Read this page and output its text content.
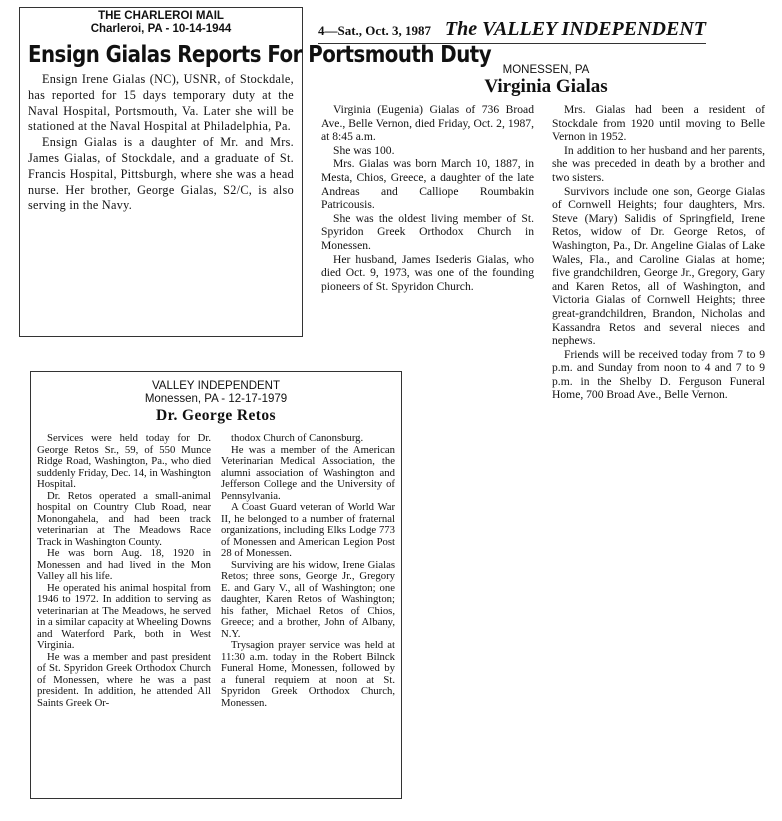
THE CHARLEROI MAIL
Charleroi, PA - 10-14-1944
Ensign Gialas Reports For Portsmouth Duty

Ensign Irene Gialas (NC), USNR, of Stockdale, has reported for 15 days temporary duty at the Naval Hospital, Portsmouth, Va. Later she will be stationed at the Naval Hospital at Philadelphia, Pa.

Ensign Gialas is a daughter of Mr. and Mrs. James Gialas, of Stockdale, and a graduate of St. Francis Hospital, Pittsburgh, where she was a head nurse. Her brother, George Gialas, S2/C, is also serving in the Navy.

4—Sat., Oct. 3, 1987 The VALLEY INDEPENDENT
MONESSEN, PA
Virginia Gialas

Virginia (Eugenia) Gialas of 736 Broad Ave., Belle Vernon, died Friday, Oct. 2, 1987, at 8:45 a.m.

She was 100.

Mrs. Gialas was born March 10, 1887, in Mesta, Chios, Greece, a daughter of the late Andreas and Calliope Roumbakin Patricousis.

She was the oldest living member of St. Spyridon Greek Orthodox Church in Monessen.

Her husband, James Isederis Gialas, who died Oct. 9, 1973, was one of the founding pioneers of St. Spyridon Church.

Mrs. Gialas had been a resident of Stockdale from 1920 until moving to Belle Vernon in 1952.

In addition to her husband and her parents, she was preceded in death by a brother and two sisters.

Survivors include one son, George Gialas of Cornwell Heights; four daughters, Mrs. Steve (Mary) Salidis of Springfield, Irene Retos, widow of Dr. George Retos, of Washington, Pa., Dr. Angeline Gialas of Lake Wales, Fla., and Caroline Gialas at home; five grandchildren, George Jr., Gregory, Gary and Karen Retos, all of Washington, and Victoria Gialas of Cornwell Heights; three great-grandchildren, Brandon, Nicholas and Kassandra Retos and several nieces and nephews.

Friends will be received today from 7 to 9 p.m. and Sunday from noon to 4 and 7 to 9 p.m. in the Shelby D. Ferguson Funeral Home, 700 Broad Ave., Belle Vernon.

VALLEY INDEPENDENT
Monessen, PA - 12-17-1979
Dr. George Retos

Services were held today for Dr. George Retos Sr., 59, of 550 Munce Ridge Road, Washington, Pa., who died suddenly Friday, Dec. 14, in Washington Hospital.

Dr. Retos operated a small-animal hospital on Country Club Road, near Monongahela, and had been track veterinarian at The Meadows Race Track in Washington County.

He was born Aug. 18, 1920 in Monessen and had lived in the Mon Valley all his life.

He operated his animal hospital from 1946 to 1972. In addition to serving as veterinarian at The Meadows, he served in a similar capacity at Wheeling Downs and Waterford Park, both in West Virginia.

He was a member and past president of St. Spyridon Greek Orthodox Church of Monessen, where he was a past president. In addition, he attended All Saints Greek Or-

thodox Church of Canonsburg.

He was a member of the American Veterinarian Medical Association, the alumni association of Washington and Jefferson College and the University of Pennsylvania.

A Coast Guard veteran of World War II, he belonged to a number of fraternal organizations, including Elks Lodge 773 of Monessen and American Legion Post 28 of Monessen.

Surviving are his widow, Irene Gialas Retos; three sons, George Jr., Gregory E. and Gary V., all of Washington; one daughter, Karen Retos of Washington; his father, Michael Retos of Chios, Greece; and a brother, John of Albany, N.Y.

Trysagion prayer service was held at 11:30 a.m. today in the Robert Bilnck Funeral Home, Monessen, followed by a funeral requiem at noon at St. Spyridon Greek Orthodox Church, Monessen.
